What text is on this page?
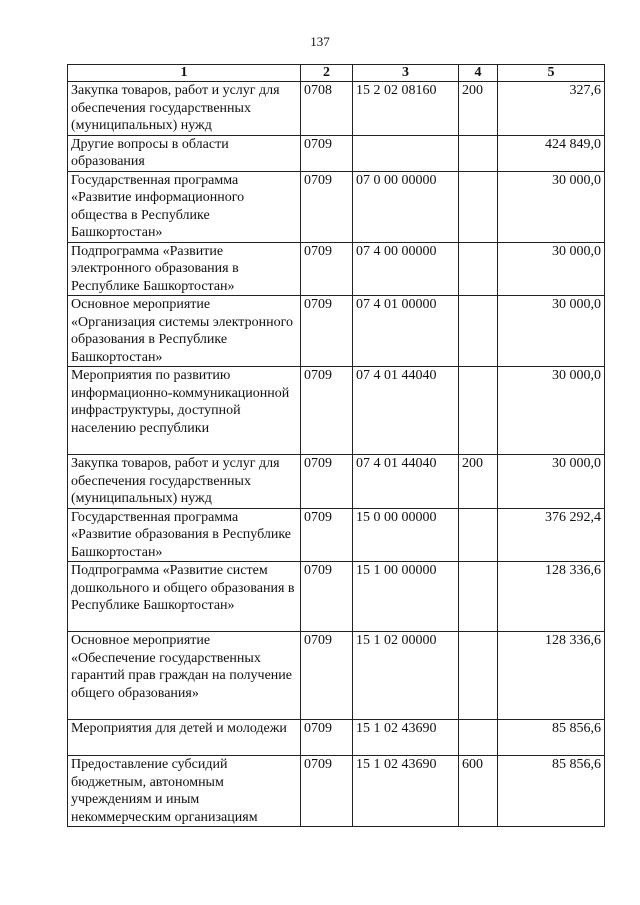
137
1	2	3	4	5
Закупка товаров, работ и услуг для обеспечения государственных (муниципальных) нужд	0708	15 2 02 08160	200	327,6
Другие вопросы в области образования	0709			424 849,0
Государственная программа «Развитие информационного общества в Республике Башкортостан»	0709	07 0 00 00000		30 000,0
Подпрограмма «Развитие электронного образования в Республике Башкортостан»	0709	07 4 00 00000		30 000,0
Основное мероприятие «Организация системы электронного образования в Республике Башкортостан»	0709	07 4 01 00000		30 000,0
Мероприятия по развитию информационно-коммуникационной инфраструктуры, доступной населению республики	0709	07 4 01 44040		30 000,0
Закупка товаров, работ и услуг для обеспечения государственных (муниципальных) нужд	0709	07 4 01 44040	200	30 000,0
Государственная программа «Развитие образования в Республике Башкортостан»	0709	15 0 00 00000		376 292,4
Подпрограмма «Развитие систем дошкольного и общего образования в Республике Башкортостан»	0709	15 1 00 00000		128 336,6
Основное мероприятие «Обеспечение государственных гарантий прав граждан на получение общего образования»	0709	15 1 02 00000		128 336,6
Мероприятия для детей и молодежи	0709	15 1 02 43690		85 856,6
Предоставление субсидий бюджетным, автономным учреждениям и иным некоммерческим организациям	0709	15 1 02 43690	600	85 856,6
